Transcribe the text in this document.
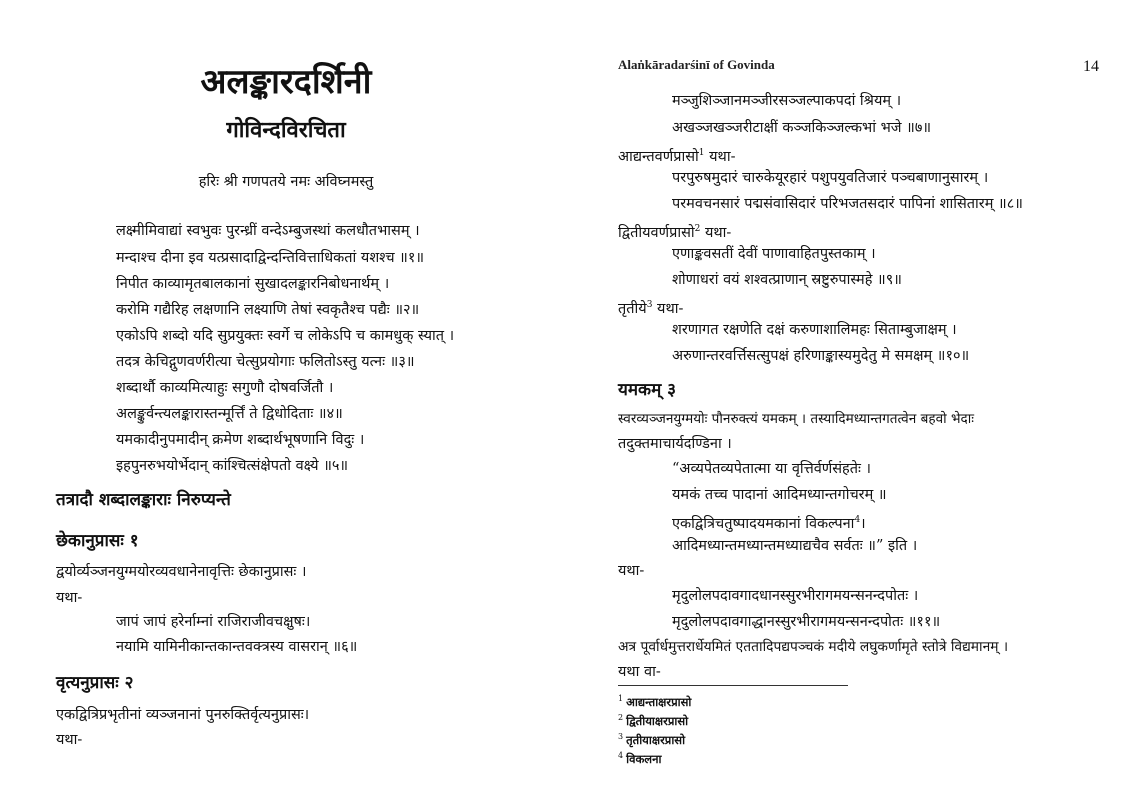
अलङ्कारदर्शिनी
गोविन्दविरचिता
हरिः श्री गणपतये नमः अविघ्नमस्तु
लक्ष्मीमिवाद्यां स्वभुवः पुरन्ध्रीं वन्देऽम्बुजस्थां कलधौतभासम् ।
मन्दाश्च दीना इव यत्प्रसादाद्विन्दन्तिवित्ताधिकतां यशश्च ॥१॥
निपीत काव्यामृतबालकानां सुखादलङ्कारनिबोधनार्थम् ।
करोमि गद्यैरिह लक्षणानि लक्ष्याणि तेषां स्वकृतैश्च पद्यैः ॥२॥
एकोऽपि शब्दो यदि सुप्रयुक्तः स्वर्गे च लोकेऽपि च कामधुक् स्यात् ।
तदत्र केचिद्गुणवर्णरीत्या चेत्सुप्रयोगाः फलितोऽस्तु यत्नः ॥३॥
शब्दार्थौ काव्यमित्याहुः सगुणौ दोषवर्जितौ ।
अलङ्कुर्वन्त्यलङ्कारास्तन्मूर्त्तिं ते द्विधोदिताः ॥४॥
यमकादीनुपमादीन् क्रमेण शब्दार्थभूषणानि विदुः ।
इहपुनरुभयोर्भेदान् कांश्चित्संक्षेपतो वक्ष्ये ॥५॥
तत्रादौ शब्दालङ्काराः निरुप्यन्ते
छेकानुप्रासः १
द्वयोर्व्यञ्जनयुग्मयोरव्यवधानेनावृत्तिः छेकानुप्रासः ।
यथा-
जापं जापं हरेर्नाम्नां राजिराजीवचक्षुषः।
नयामि यामिनीकान्तकान्तवक्त्रस्य वासरान् ॥६॥
वृत्यनुप्रासः २
एकद्वित्रिप्रभृतीनां व्यञ्जनानां पुनरुक्तिर्वृत्यनुप्रासः।
यथा-
Alaṅkāradarśinī of Govinda	14
मञ्जुशिञ्जानमञ्जीरसञ्जल्पाकपदां श्रियम् ।
अखञ्जखञ्जरीटाक्षीं कञ्जकिञ्जल्कभां भजे ॥७॥
आद्यन्तवर्णप्रासो$^1$ यथा-
परपुरुषमुदारं चारुकेयूरहारं पशुपयुवतिजारं पञ्चबाणानुसारम् ।
परमवचनसारं पद्मसंवासिदारं परिभजतसदारं पापिनां शासितारम् ॥८॥
द्वितीयवर्णप्रासो$^2$ यथा-
एणाङ्कवसतीं देवीं पाणावाहितपुस्तकाम् ।
शोणाधरां वयं शश्वत्प्राणान् स्रष्टुरुपास्महे ॥९॥
तृतीये$^3$ यथा-
शरणागत रक्षणेति दक्षं करुणाशालिमहः सिताम्बुजाक्षम् ।
अरुणान्तरवर्त्तिसत्सुपक्षं हरिणाङ्कास्यमुदेतु मे समक्षम् ॥१०॥
यमकम् ३
स्वरव्यञ्जनयुग्मयोः पौनरुक्त्यं यमकम् । तस्यादिमध्यान्तगतत्वेन बहवो भेदाः
तदुक्तमाचार्यदण्डिना ।
“अव्यपेतव्यपेतात्मा या वृत्तिर्वर्णसंहतेः ।
यमकं तच्च पादानां आदिमध्यान्तगोचरम् ॥
एकद्वित्रिचतुष्पादयमकानां विकल्पना$^4$।
आदिमध्यान्तमध्यान्तमध्याद्यचैव सर्वतः ॥” इति ।
यथा-
मृदुलोलपदावगादधानस्सुरभीरागमयन्सनन्दपोतः ।
मृदुलोलपदावगाद्धानस्सुरभीरागमयन्सनन्दपोतः ॥११॥
अत्र पूर्वार्धमुत्तरार्धेयमितं एततादिपद्यपञ्चकं मदीये लघुकर्णामृते स्तोत्रे विद्यमानम् ।
यथा वा-
$^1$ आद्यन्ताक्षरप्रासो
$^2$ द्वितीयाक्षरप्रासो
$^3$ तृतीयाक्षरप्रासो
$^4$ विकलना
